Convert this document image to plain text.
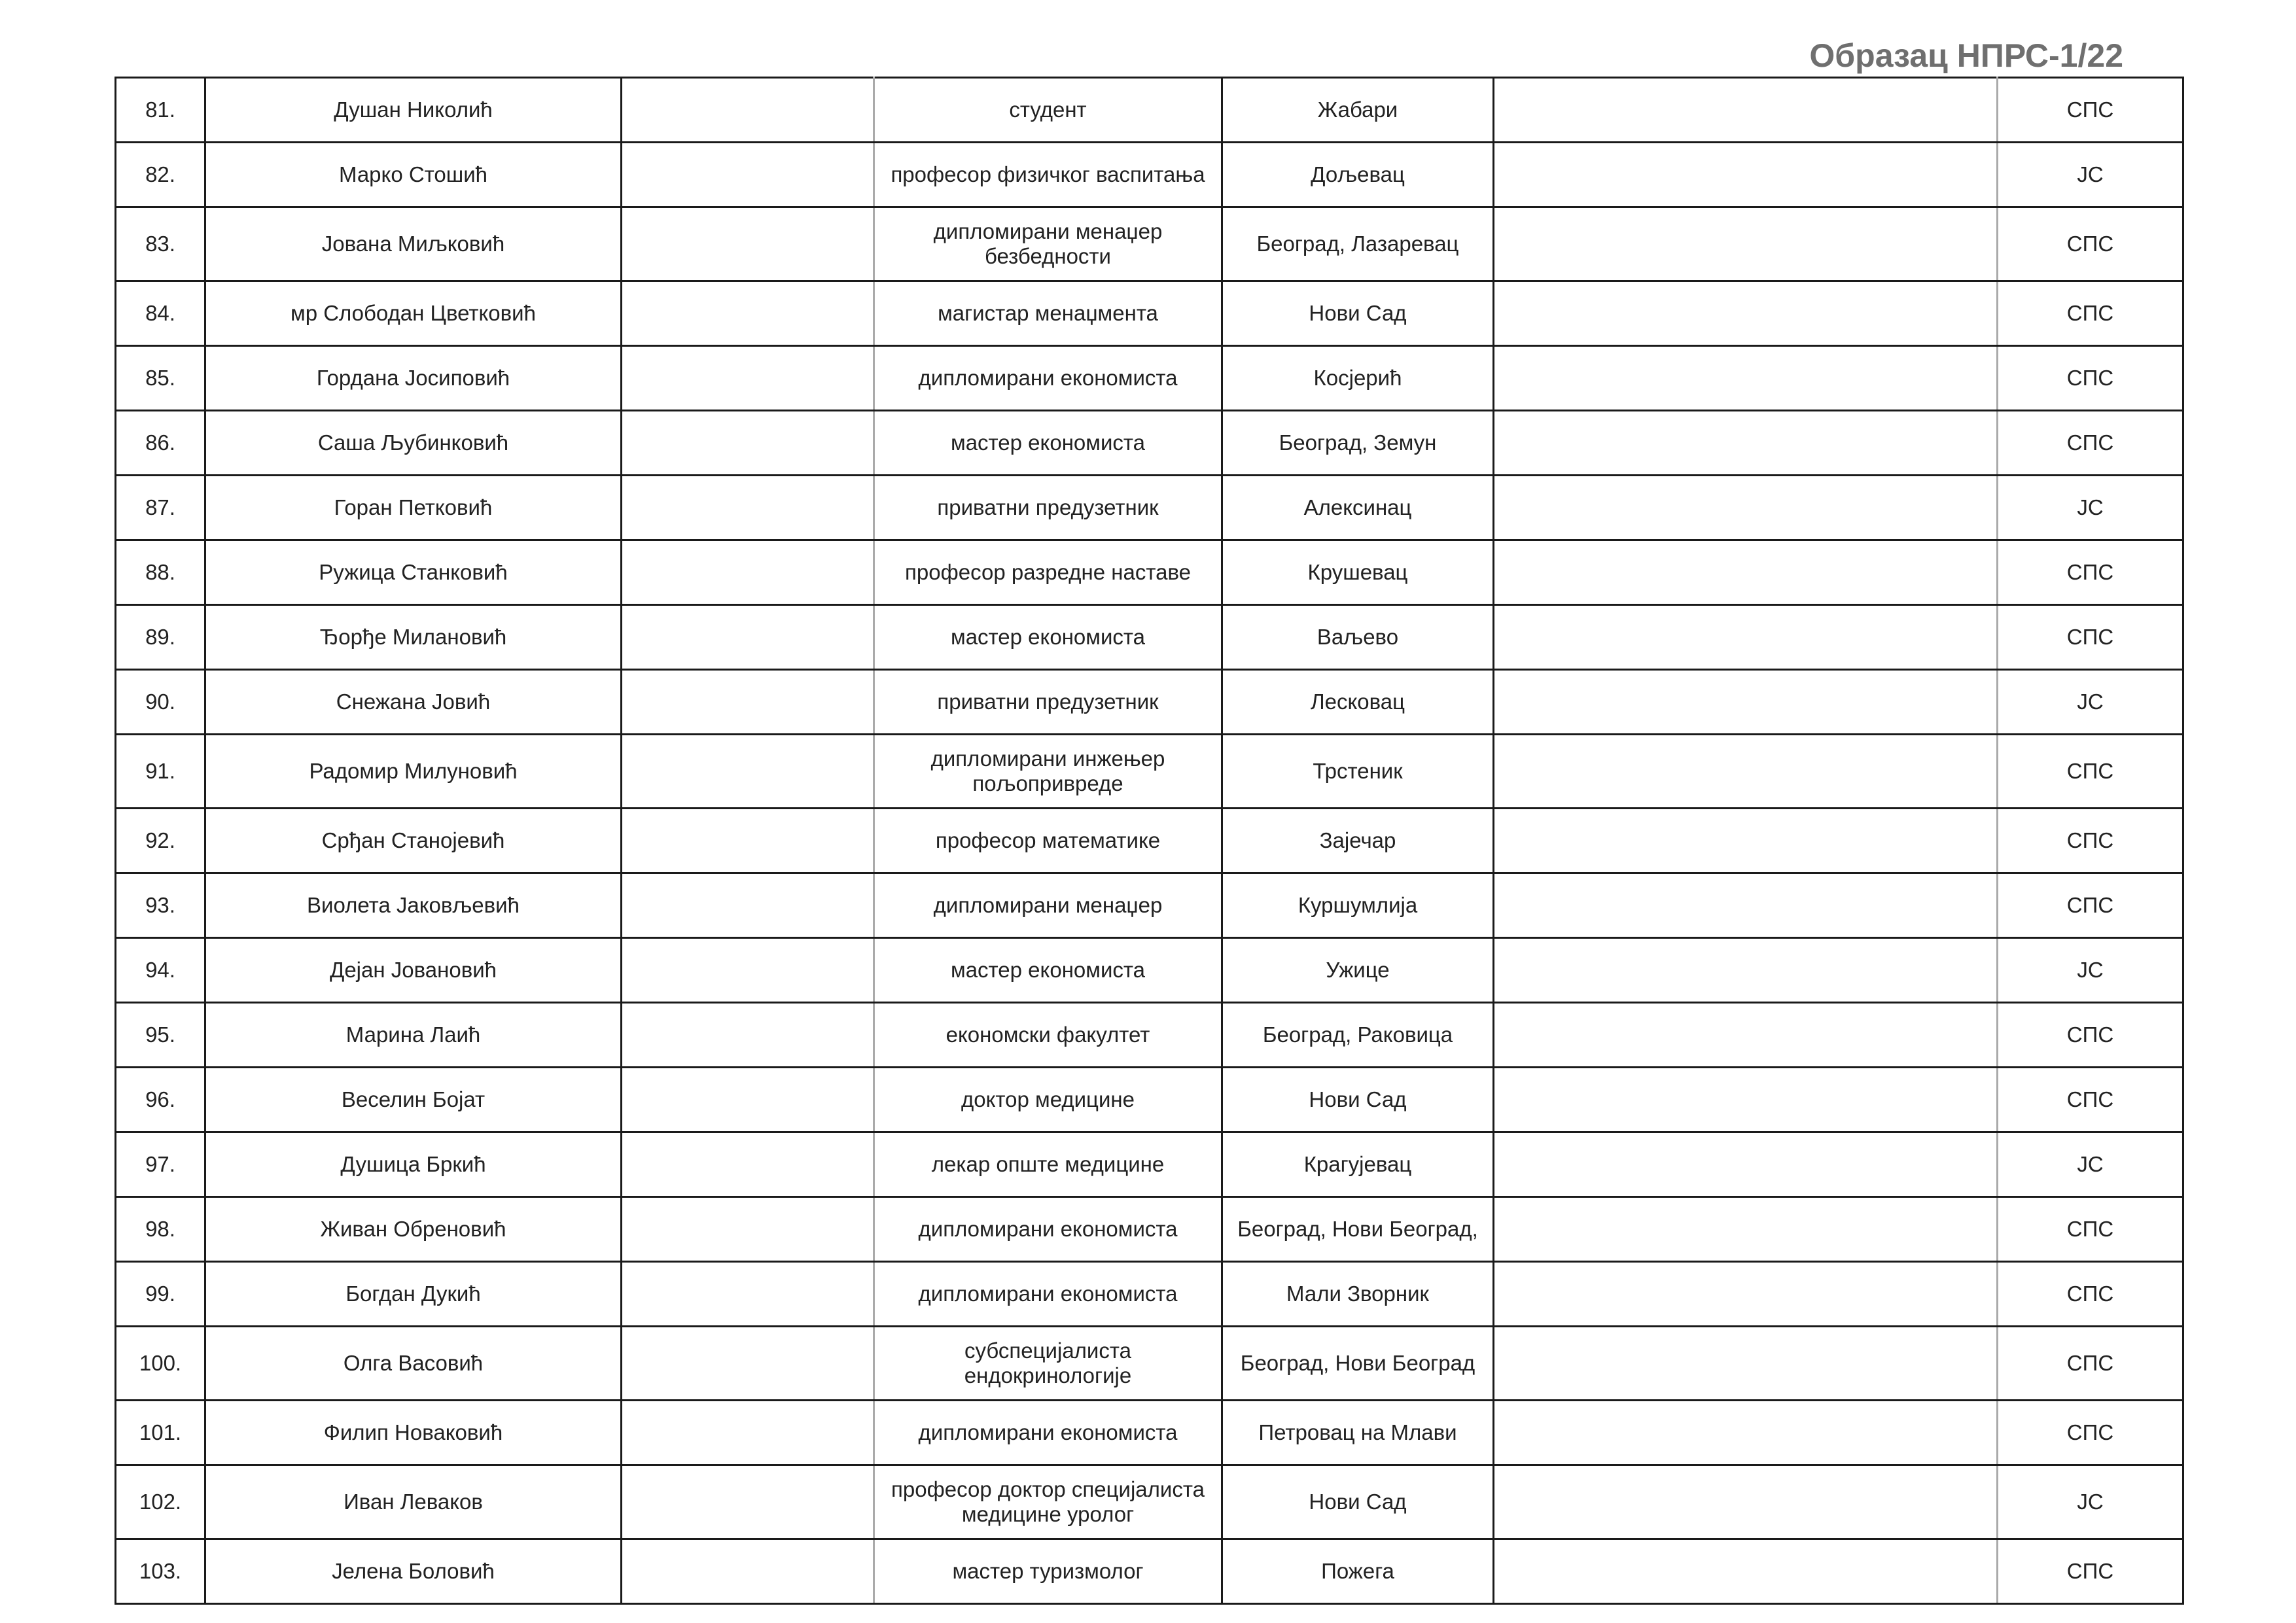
Образац НПРС-1/22
81.	Душан Николић		студент	Жабари		СПС
82.	Марко Стошић		професор физичког васпитања	Дољевац		ЈС
83.	Јована Миљковић		дипломирани менаџер безбедности	Београд, Лазаревац		СПС
84.	мр Слободан Цветковић		магистар менаџмента	Нови Сад		СПС
85.	Гордана Јосиповић		дипломирани економиста	Косјерић		СПС
86.	Саша Љубинковић		мастер економиста	Београд, Земун		СПС
87.	Горан Петковић		приватни предузетник	Алексинац		ЈС
88.	Ружица Станковић		професор разредне наставе	Крушевац		СПС
89.	Ђорђе Милановић		мастер економиста	Ваљево		СПС
90.	Снежана Јовић		приватни предузетник	Лесковац		ЈС
91.	Радомир Милуновић		дипломирани инжењер пољопривреде	Трстеник		СПС
92.	Срђан Станојевић		професор математике	Зајечар		СПС
93.	Виолета Јаковљевић		дипломирани менаџер	Куршумлија		СПС
94.	Дејан Јовановић		мастер економиста	Ужице		ЈС
95.	Марина Лаић		економски факултет	Београд, Раковица		СПС
96.	Веселин Бојат		доктор медицине	Нови Сад		СПС
97.	Душица Бркић		лекар опште медицине	Крагујевац		ЈС
98.	Живан Обреновић		дипломирани економиста	Београд, Нови Београд,		СПС
99.	Богдан Дукић		дипломирани економиста	Мали Зворник		СПС
100.	Олга Васовић		субспецијалиста ендокринологије	Београд, Нови Београд		СПС
101.	Филип Новаковић		дипломирани економиста	Петровац на Млави		СПС
102.	Иван Леваков		професор доктор специјалиста медицине уролог	Нови Сад		ЈС
103.	Јелена Боловић		мастер туризмолог	Пожега		СПС
